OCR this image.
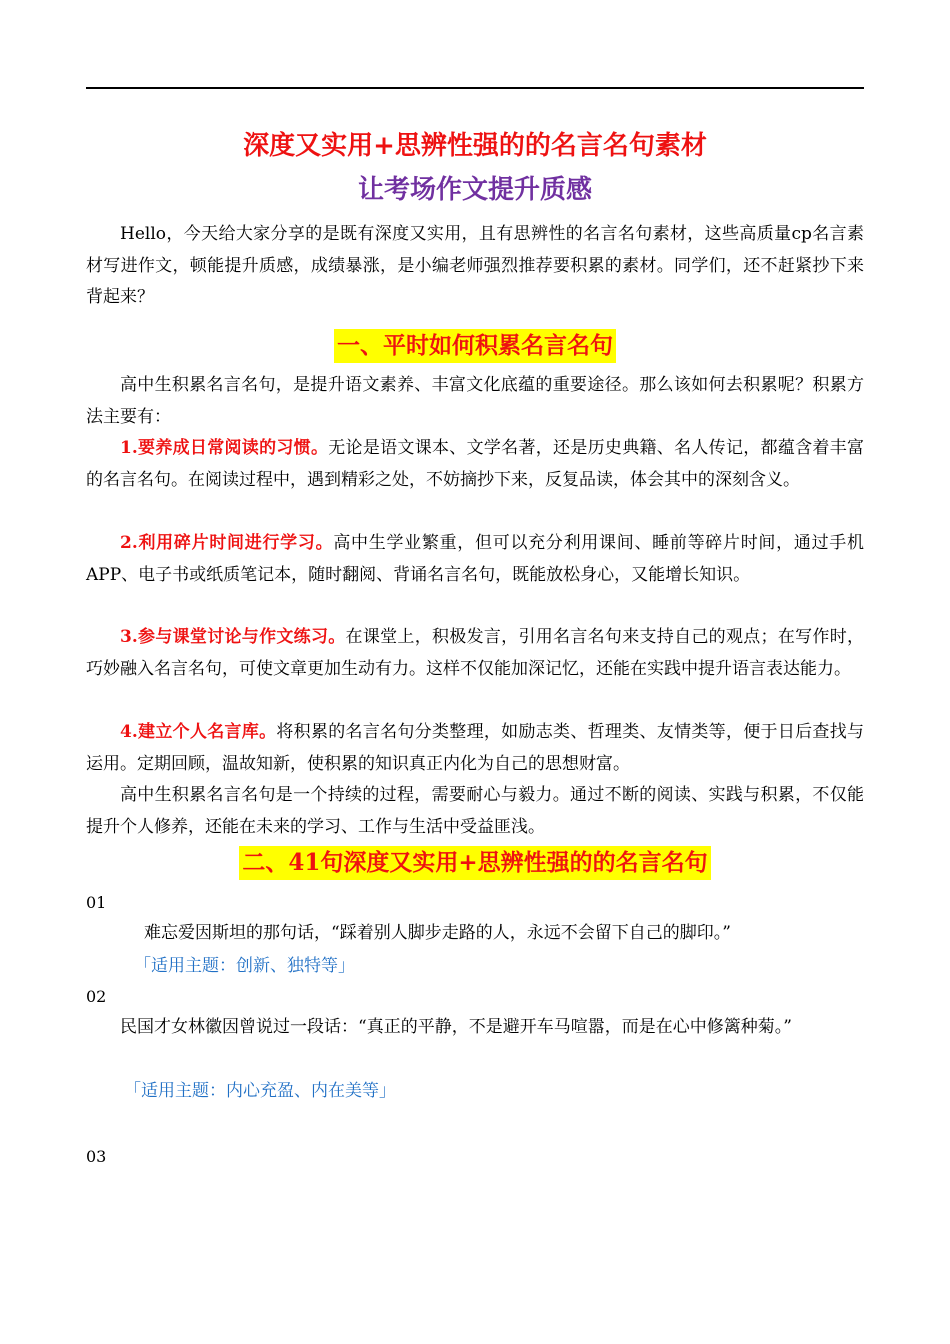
深度又实用+思辨性强的的名言名句素材
让考场作文提升质感

Hello，今天给大家分享的是既有深度又实用，且有思辨性的名言名句素材，这些高质量cp名言素材写进作文，顿能提升质感，成绩暴涨，是小编老师强烈推荐要积累的素材。同学们，还不赶紧抄下来背起来？

一、平时如何积累名言名句

高中生积累名言名句，是提升语文素养、丰富文化底蕴的重要途径。那么该如何去积累呢？积累方法主要有：

1.要养成日常阅读的习惯。无论是语文课本、文学名著，还是历史典籍、名人传记，都蕴含着丰富的名言名句。在阅读过程中，遇到精彩之处，不妨摘抄下来，反复品读，体会其中的深刻含义。

2.利用碎片时间进行学习。高中生学业繁重，但可以充分利用课间、睡前等碎片时间，通过手机APP、电子书或纸质笔记本，随时翻阅、背诵名言名句，既能放松身心，又能增长知识。

3.参与课堂讨论与作文练习。在课堂上，积极发言，引用名言名句来支持自己的观点；在写作时，巧妙融入名言名句，可使文章更加生动有力。这样不仅能加深记忆，还能在实践中提升语言表达能力。

4.建立个人名言库。将积累的名言名句分类整理，如励志类、哲理类、友情类等，便于日后查找与运用。定期回顾，温故知新，使积累的知识真正内化为自己的思想财富。

高中生积累名言名句是一个持续的过程，需要耐心与毅力。通过不断的阅读、实践与积累，不仅能提升个人修养，还能在未来的学习、工作与生活中受益匪浅。

二、41句深度又实用+思辨性强的的名言名句

01

难忘爱因斯坦的那句话，“踩着别人脚步走路的人，永远不会留下自己的脚印。”

「适用主题：创新、独特等」

02

民国才女林徽因曾说过一段话：“真正的平静，不是避开车马喧嚣，而是在心中修篱种菊。”

「适用主题：内心充盈、内在美等」

03
